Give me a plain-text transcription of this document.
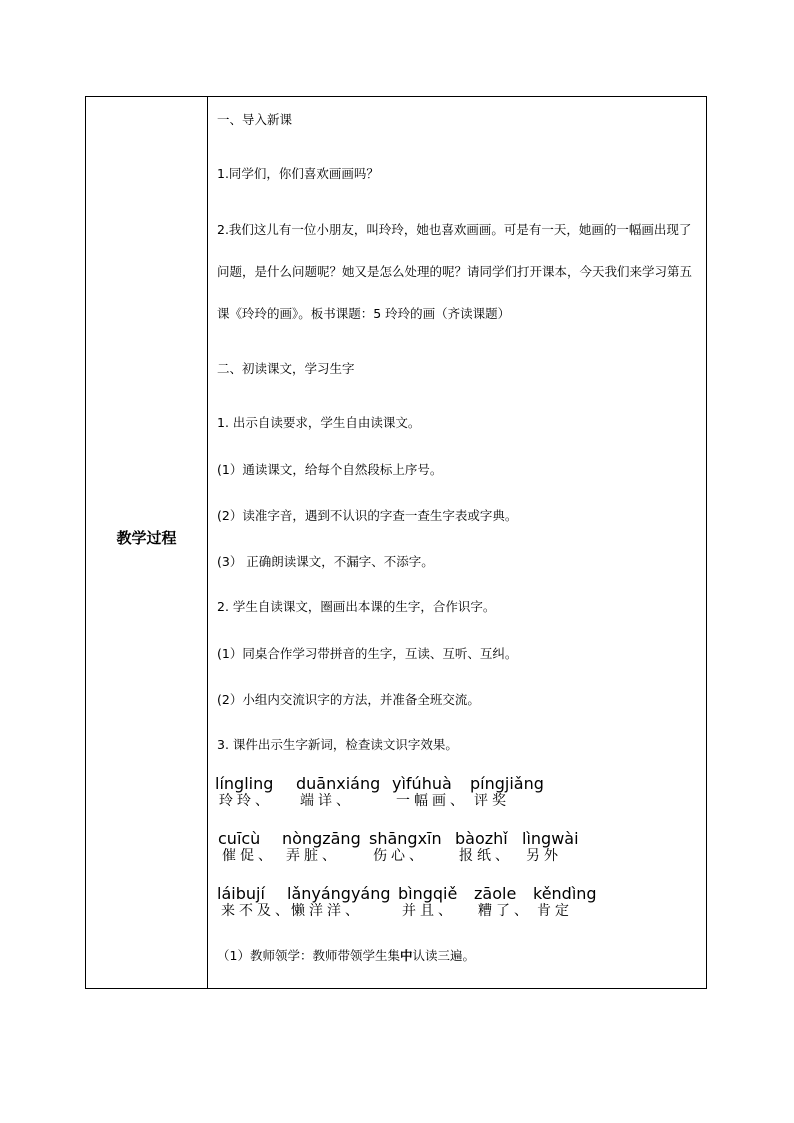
教学过程
一、导入新课
1.同学们，你们喜欢画画吗？
2.我们这儿有一位小朋友，叫玲玲，她也喜欢画画。可是有一天，她画的一幅画出现了问题，是什么问题呢？她又是怎么处理的呢？请同学们打开课本，今天我们来学习第五课《玲玲的画》。板书课题：5 玲玲的画（齐读课题）
二、初读课文，学习生字
1. 出示自读要求，学生自由读课文。
(1）通读课文，给每个自然段标上序号。
(2）读准字音，遇到不认识的字查一查生字表或字典。
(3） 正确朗读课文，不漏字、不添字。
2. 学生自读课文，圈画出本课的生字，合作识字。
(1）同桌合作学习带拼音的生字，互读、互听、互纠。
(2）小组内交流识字的方法，并准备全班交流。
3. 课件出示生字新词，检查读文识字效果。
língling
玲玲、
duānxiáng
端详、
yìfúhuà
一幅画、
píngjiǎng
评奖
cuīcù
催促、
nòngzāng
弄脏、
shāngxīn
伤心、
bàozhǐ
报纸、
lìngwài
另外
láibují
来不及、
lǎnyángyáng
懒洋洋、
bìngqiě
并且、
zāole
糟了、
kěndìng
肯定
（1）教师领学：教师带领学生集中认读三遍。
